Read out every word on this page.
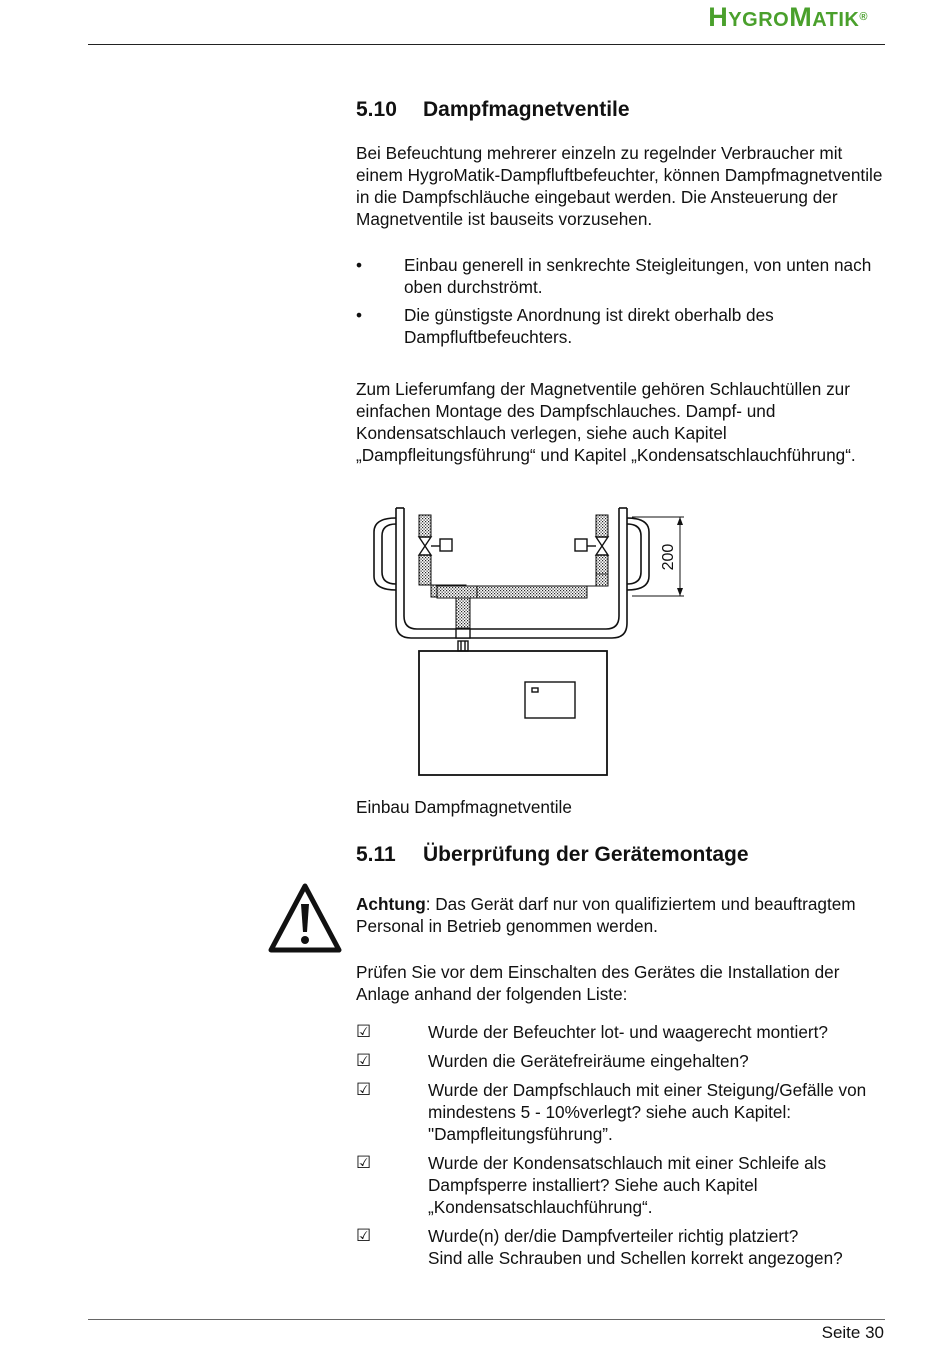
HYGROMATIK®
5.10 Dampfmagnetventile

Bei Befeuchtung mehrerer einzeln zu regelnder Verbraucher mit einem HygroMatik-Dampfluftbefeuchter, können Dampfmagnetventile in die Dampfschläuche eingebaut werden. Die Ansteuerung der Magnetventile ist bauseits vorzusehen.

•	Einbau generell in senkrechte Steigleitungen, von unten nach oben durchströmt.
•	Die günstigste Anordnung ist direkt oberhalb des Dampfluftbefeuchters.

Zum Lieferumfang der Magnetventile gehören Schlauchtüllen zur einfachen Montage des Dampfschlauches. Dampf- und Kondensatschlauch verlegen, siehe auch Kapitel „Dampfleitungsführung“ und Kapitel „Kondensatschlauchführung“.

200
Einbau Dampfmagnetventile
5.11 Überprüfung der Gerätemontage

Achtung: Das Gerät darf nur von qualifiziertem und beauftragtem Personal in Betrieb genommen werden.

Prüfen Sie vor dem Einschalten des Gerätes die Installation der Anlage anhand der folgenden Liste:

☑	Wurde der Befeuchter lot- und waagerecht montiert?
☑	Wurden die Gerätefreiräume eingehalten?
☑	Wurde der Dampfschlauch mit einer Steigung/Gefälle von mindestens 5 - 10%verlegt? siehe auch Kapitel: "Dampfleitungsführung”.
☑	Wurde der Kondensatschlauch mit einer Schleife als Dampfsperre installiert? Siehe auch Kapitel „Kondensatschlauchführung“.
☑	Wurde(n) der/die Dampfverteiler richtig platziert?
Sind alle Schrauben und Schellen korrekt angezogen?
Seite 30
